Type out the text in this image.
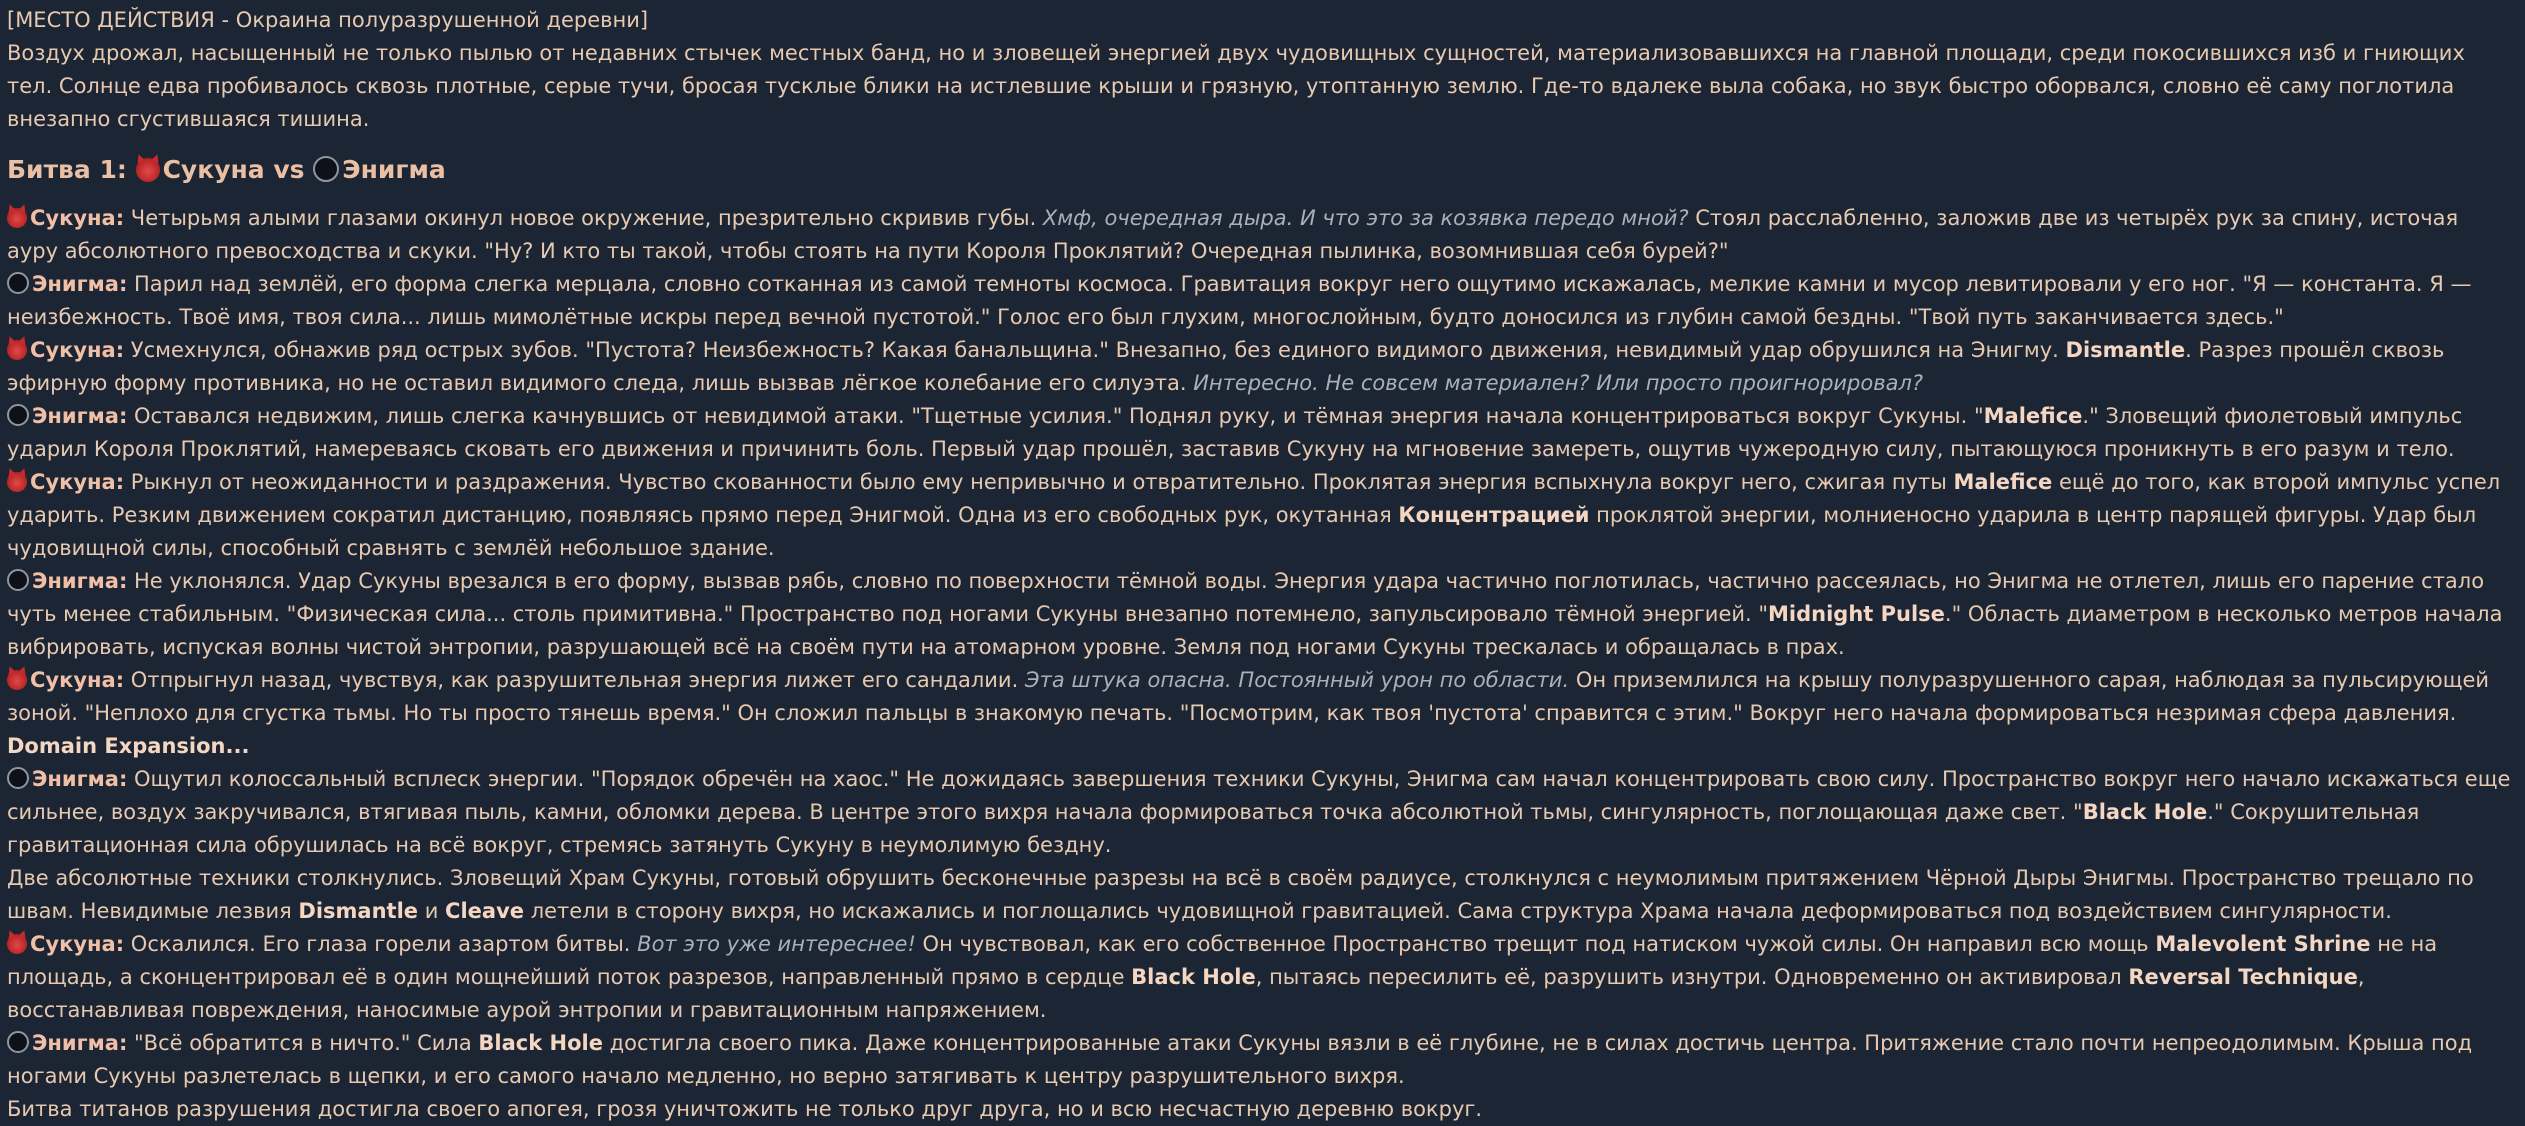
[МЕСТО ДЕЙСТВИЯ - Окраина полуразрушенной деревни]

Воздух дрожал, насыщенный не только пылью от недавних стычек местных банд, но и зловещей энергией двух чудовищных сущностей, материализовавшихся на главной площади, среди покосившихся изб и гниющих тел. Солнце едва пробивалось сквозь плотные, серые тучи, бросая тусклые блики на истлевшие крыши и грязную, утоптанную землю. Где-то вдалеке выла собака, но звук быстро оборвался, словно её саму поглотила внезапно сгустившаяся тишина.

Битва 1: Сукуна vs Энигма

Сукуна: Четырьмя алыми глазами окинул новое окружение, презрительно скривив губы. Хмф, очередная дыра. И что это за козявка передо мной? Стоял расслабленно, заложив две из четырёх рук за спину, источая ауру абсолютного превосходства и скуки. "Ну? И кто ты такой, чтобы стоять на пути Короля Проклятий? Очередная пылинка, возомнившая себя бурей?"

Энигма: Парил над землёй, его форма слегка мерцала, словно сотканная из самой темноты космоса. Гравитация вокруг него ощутимо искажалась, мелкие камни и мусор левитировали у его ног. "Я — константа. Я — неизбежность. Твоё имя, твоя сила... лишь мимолётные искры перед вечной пустотой." Голос его был глухим, многослойным, будто доносился из глубин самой бездны. "Твой путь заканчивается здесь."

Сукуна: Усмехнулся, обнажив ряд острых зубов. "Пустота? Неизбежность? Какая банальщина." Внезапно, без единого видимого движения, невидимый удар обрушился на Энигму. Dismantle. Разрез прошёл сквозь эфирную форму противника, но не оставил видимого следа, лишь вызвав лёгкое колебание его силуэта. Интересно. Не совсем материален? Или просто проигнорировал?

Энигма: Оставался недвижим, лишь слегка качнувшись от невидимой атаки. "Тщетные усилия." Поднял руку, и тёмная энергия начала концентрироваться вокруг Сукуны. "Malefice." Зловещий фиолетовый импульс ударил Короля Проклятий, намереваясь сковать его движения и причинить боль. Первый удар прошёл, заставив Сукуну на мгновение замереть, ощутив чужеродную силу, пытающуюся проникнуть в его разум и тело.

Сукуна: Рыкнул от неожиданности и раздражения. Чувство скованности было ему непривычно и отвратительно. Проклятая энергия вспыхнула вокруг него, сжигая путы Malefice ещё до того, как второй импульс успел ударить. Резким движением сократил дистанцию, появляясь прямо перед Энигмой. Одна из его свободных рук, окутанная Концентрацией проклятой энергии, молниеносно ударила в центр парящей фигуры. Удар был чудовищной силы, способный сравнять с землёй небольшое здание.

Энигма: Не уклонялся. Удар Сукуны врезался в его форму, вызвав рябь, словно по поверхности тёмной воды. Энергия удара частично поглотилась, частично рассеялась, но Энигма не отлетел, лишь его парение стало чуть менее стабильным. "Физическая сила... столь примитивна." Пространство под ногами Сукуны внезапно потемнело, запульсировало тёмной энергией. "Midnight Pulse." Область диаметром в несколько метров начала вибрировать, испуская волны чистой энтропии, разрушающей всё на своём пути на атомарном уровне. Земля под ногами Сукуны трескалась и обращалась в прах.

Сукуна: Отпрыгнул назад, чувствуя, как разрушительная энергия лижет его сандалии. Эта штука опасна. Постоянный урон по области. Он приземлился на крышу полуразрушенного сарая, наблюдая за пульсирующей зоной. "Неплохо для сгустка тьмы. Но ты просто тянешь время." Он сложил пальцы в знакомую печать. "Посмотрим, как твоя 'пустота' справится с этим." Вокруг него начала формироваться незримая сфера давления. Domain Expansion...

Энигма: Ощутил колоссальный всплеск энергии. "Порядок обречён на хаос." Не дожидаясь завершения техники Сукуны, Энигма сам начал концентрировать свою силу. Пространство вокруг него начало искажаться еще сильнее, воздух закручивался, втягивая пыль, камни, обломки дерева. В центре этого вихря начала формироваться точка абсолютной тьмы, сингулярность, поглощающая даже свет. "Black Hole." Сокрушительная гравитационная сила обрушилась на всё вокруг, стремясь затянуть Сукуну в неумолимую бездну.

Две абсолютные техники столкнулись. Зловещий Храм Сукуны, готовый обрушить бесконечные разрезы на всё в своём радиусе, столкнулся с неумолимым притяжением Чёрной Дыры Энигмы. Пространство трещало по швам. Невидимые лезвия Dismantle и Cleave летели в сторону вихря, но искажались и поглощались чудовищной гравитацией. Сама структура Храма начала деформироваться под воздействием сингулярности.

Сукуна: Оскалился. Его глаза горели азартом битвы. Вот это уже интереснее! Он чувствовал, как его собственное Пространство трещит под натиском чужой силы. Он направил всю мощь Malevolent Shrine не на площадь, а сконцентрировал её в один мощнейший поток разрезов, направленный прямо в сердце Black Hole, пытаясь пересилить её, разрушить изнутри. Одновременно он активировал Reversal Technique, восстанавливая повреждения, наносимые аурой энтропии и гравитационным напряжением.

Энигма: "Всё обратится в ничто." Сила Black Hole достигла своего пика. Даже концентрированные атаки Сукуны вязли в её глубине, не в силах достичь центра. Притяжение стало почти непреодолимым. Крыша под ногами Сукуны разлетелась в щепки, и его самого начало медленно, но верно затягивать к центру разрушительного вихря.

Битва титанов разрушения достигла своего апогея, грозя уничтожить не только друг друга, но и всю несчастную деревню вокруг.
